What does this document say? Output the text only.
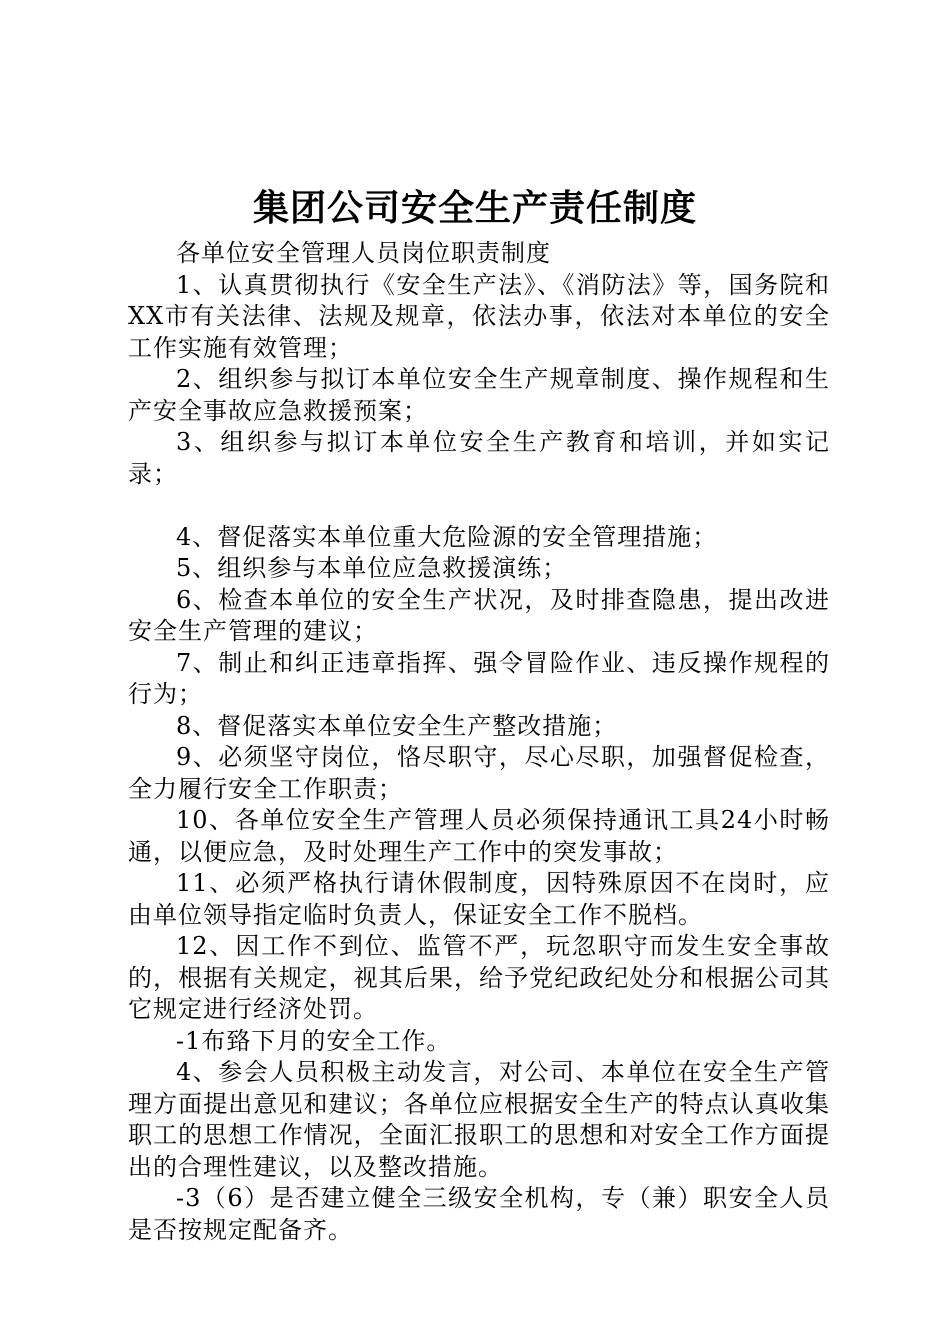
集团公司安全生产责任制度

各单位安全管理人员岗位职责制度

1、认真贯彻执行《安全生产法》、《消防法》等，国务院和XX市有关法律、法规及规章，依法办事，依法对本单位的安全工作实施有效管理；

2、组织参与拟订本单位安全生产规章制度、操作规程和生产安全事故应急救援预案；

3、组织参与拟订本单位安全生产教育和培训，并如实记录；

4、督促落实本单位重大危险源的安全管理措施；

5、组织参与本单位应急救援演练；

6、检查本单位的安全生产状况，及时排查隐患，提出改进安全生产管理的建议；

7、制止和纠正违章指挥、强令冒险作业、违反操作规程的行为；

8、督促落实本单位安全生产整改措施；

9、必须坚守岗位，恪尽职守，尽心尽职，加强督促检查，全力履行安全工作职责；

10、各单位安全生产管理人员必须保持通讯工具24小时畅通，以便应急，及时处理生产工作中的突发事故；

11、必须严格执行请休假制度，因特殊原因不在岗时，应由单位领导指定临时负责人，保证安全工作不脱档。

12、因工作不到位、监管不严，玩忽职守而发生安全事故的，根据有关规定，视其后果，给予党纪政纪处分和根据公司其它规定进行经济处罚。

-1布臵下月的安全工作。

4、参会人员积极主动发言，对公司、本单位在安全生产管理方面提出意见和建议；各单位应根据安全生产的特点认真收集职工的思想工作情况，全面汇报职工的思想和对安全工作方面提出的合理性建议，以及整改措施。

-3（6）是否建立健全三级安全机构，专（兼）职安全人员是否按规定配备齐。
